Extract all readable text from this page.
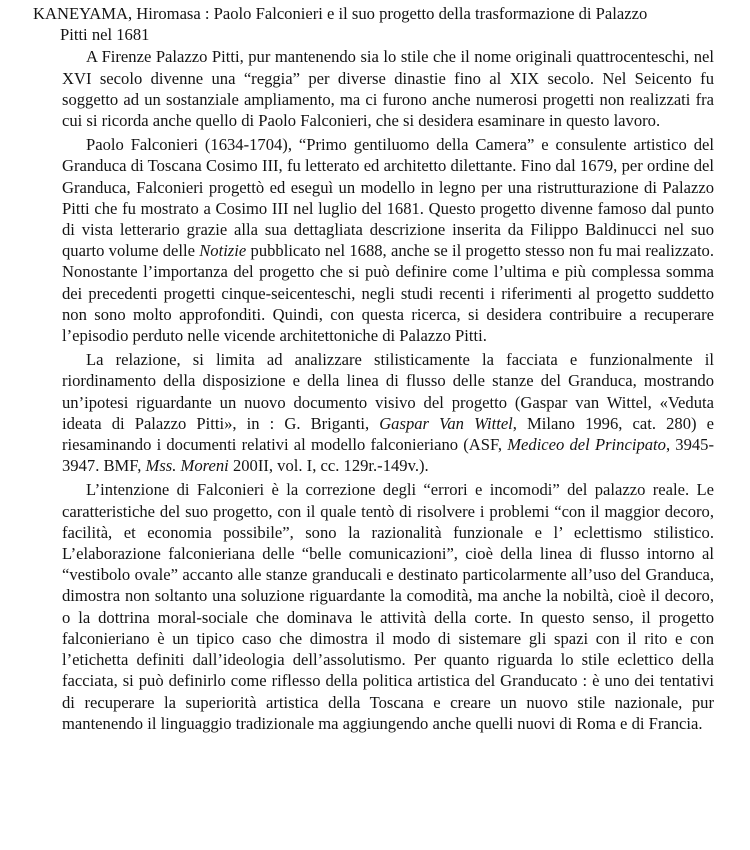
KANEYAMA, Hiromasa : Paolo Falconieri e il suo progetto della trasformazione di Palazzo
Pitti nel 1681

A Firenze Palazzo Pitti, pur mantenendo sia lo stile che il nome originali quattrocenteschi, nel XVI secolo divenne una “reggia” per diverse dinastie fino al XIX secolo. Nel Seicento fu soggetto ad un sostanziale ampliamento, ma ci furono anche numerosi progetti non realizzati fra cui si ricorda anche quello di Paolo Falconieri, che si desidera esaminare in questo lavoro.

Paolo Falconieri (1634-1704), “Primo gentiluomo della Camera” e consulente artistico del Granduca di Toscana Cosimo III, fu letterato ed architetto dilettante. Fino dal 1679, per ordine del Granduca, Falconieri progettò ed eseguì un modello in legno per una ristrutturazione di Palazzo Pitti che fu mostrato a Cosimo III nel luglio del 1681. Questo progetto divenne famoso dal punto di vista letterario grazie alla sua dettagliata descrizione inserita da Filippo Baldinucci nel suo quarto volume delle Notizie pubblicato nel 1688, anche se il progetto stesso non fu mai realizzato. Nonostante l’importanza del progetto che si può definire come l’ultima e più complessa somma dei precedenti progetti cinque-seicenteschi, negli studi recenti i riferimenti al progetto suddetto non sono molto approfonditi. Quindi, con questa ricerca, si desidera contribuire a recuperare l’episodio perduto nelle vicende architettoniche di Palazzo Pitti.

La relazione, si limita ad analizzare stilisticamente la facciata e funzionalmente il riordinamento della disposizione e della linea di flusso delle stanze del Granduca, mostrando un’ipotesi riguardante un nuovo documento visivo del progetto (Gaspar van Wittel, «Veduta ideata di Palazzo Pitti», in : G. Briganti, Gaspar Van Wittel, Milano 1996, cat. 280) e riesaminando i documenti relativi al modello falconieriano (ASF, Mediceo del Principato, 3945-3947. BMF, Mss. Moreni 200II, vol. I, cc. 129r.-149v.).

L’intenzione di Falconieri è la correzione degli “errori e incomodi” del palazzo reale. Le caratteristiche del suo progetto, con il quale tentò di risolvere i problemi “con il maggior decoro, facilità, et economia possibile”, sono la razionalità funzionale e l’ eclettismo stilistico. L’elaborazione falconieriana delle “belle comunicazioni”, cioè della linea di flusso intorno al “vestibolo ovale” accanto alle stanze granducali e destinato particolarmente all’uso del Granduca, dimostra non soltanto una soluzione riguardante la comodità, ma anche la nobiltà, cioè il decoro, o la dottrina moral-sociale che dominava le attività della corte. In questo senso, il progetto falconieriano è un tipico caso che dimostra il modo di sistemare gli spazi con il rito e con l’etichetta definiti dall’ideologia dell’assolutismo. Per quanto riguarda lo stile eclettico della facciata, si può definirlo come riflesso della politica artistica del Granducato : è uno dei tentativi di recuperare la superiorità artistica della Toscana e creare un nuovo stile nazionale, pur mantenendo il linguaggio tradizionale ma aggiungendo anche quelli nuovi di Roma e di Francia.
